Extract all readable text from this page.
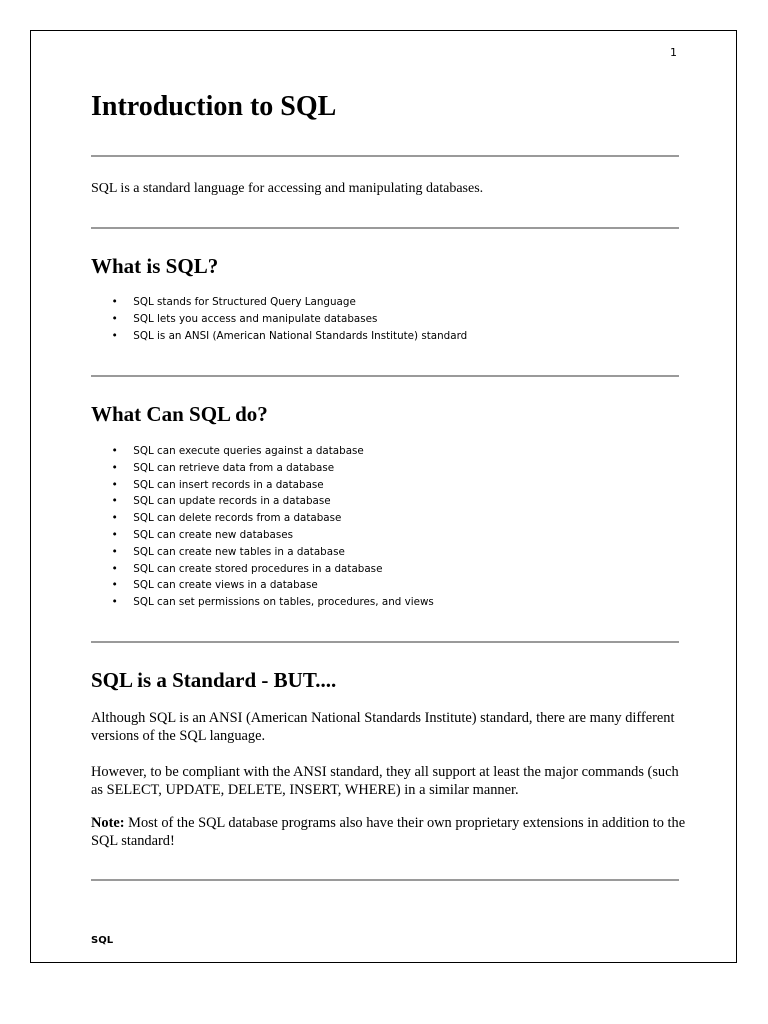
1
Introduction to SQL

SQL is a standard language for accessing and manipulating databases.

What is SQL?
• SQL stands for Structured Query Language
• SQL lets you access and manipulate databases
• SQL is an ANSI (American National Standards Institute) standard
What Can SQL do?
• SQL can execute queries against a database
• SQL can retrieve data from a database
• SQL can insert records in a database
• SQL can update records in a database
• SQL can delete records from a database
• SQL can create new databases
• SQL can create new tables in a database
• SQL can create stored procedures in a database
• SQL can create views in a database
• SQL can set permissions on tables, procedures, and views
SQL is a Standard - BUT....

Although SQL is an ANSI (American National Standards Institute) standard, there are many different versions of the SQL language.

However, to be compliant with the ANSI standard, they all support at least the major commands (such as SELECT, UPDATE, DELETE, INSERT, WHERE) in a similar manner.

Note: Most of the SQL database programs also have their own proprietary extensions in addition to the SQL standard!

SQL
